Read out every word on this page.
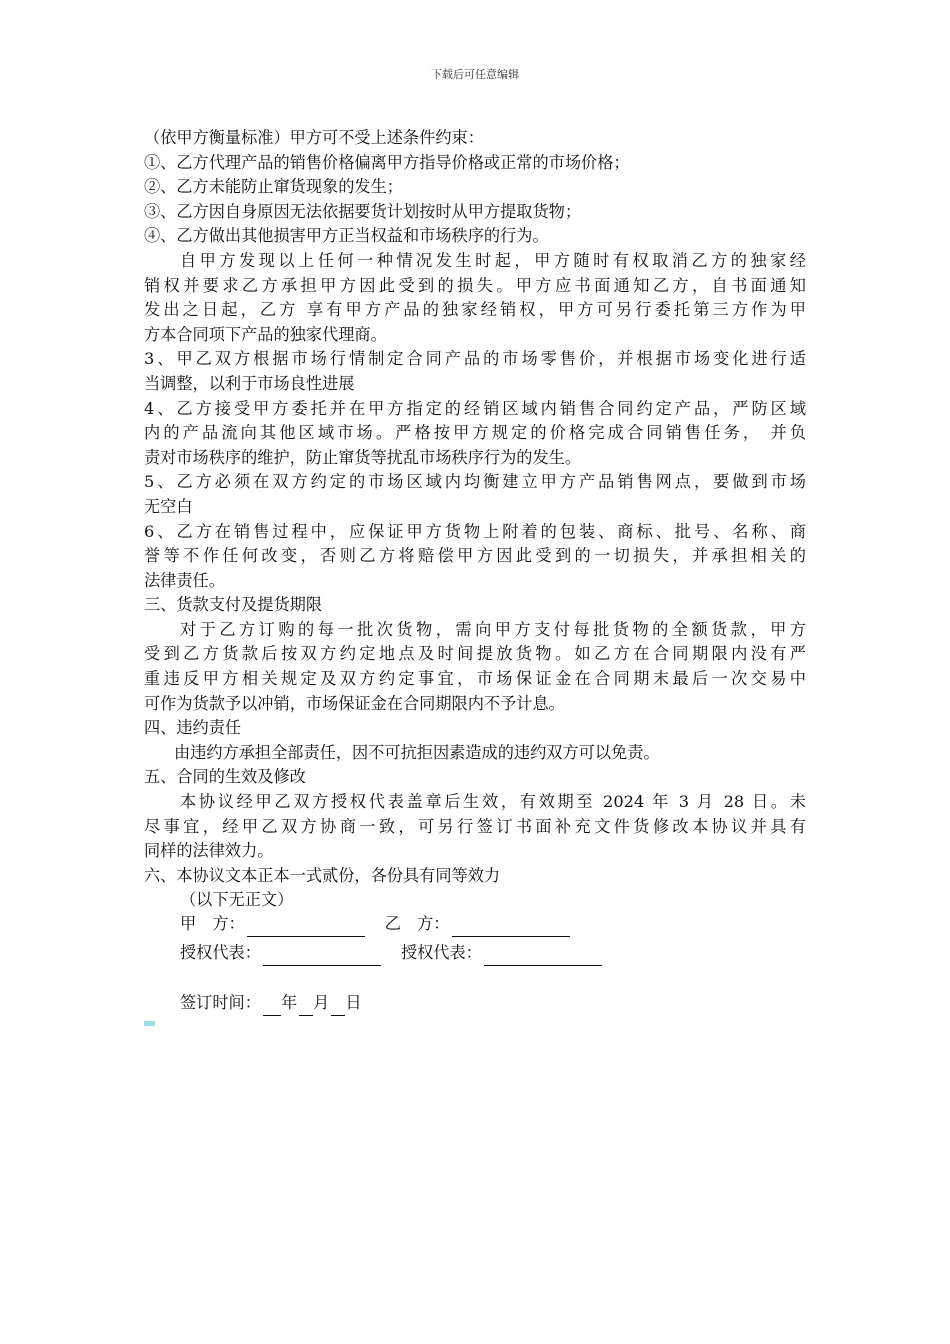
下载后可任意编辑
（依甲方衡量标准）甲方可不受上述条件约束：
①、乙方代理产品的销售价格偏离甲方指导价格或正常的市场价格；
②、乙方未能防止窜货现象的发生；
③、乙方因自身原因无法依据要货计划按时从甲方提取货物；
④、乙方做出其他损害甲方正当权益和市场秩序的行为。
自甲方发现以上任何一种情况发生时起，甲方随时有权取消乙方的独家经
销权并要求乙方承担甲方因此受到的损失。甲方应书面通知乙方，自书面通知
发出之日起，乙方 享有甲方产品的独家经销权，甲方可另行委托第三方作为甲
方本合同项下产品的独家代理商。
3、甲乙双方根据市场行情制定合同产品的市场零售价，并根据市场变化进行适
当调整，以利于市场良性进展
4、乙方接受甲方委托并在甲方指定的经销区域内销售合同约定产品，严防区域
内的产品流向其他区域市场。严格按甲方规定的价格完成合同销售任务， 并负
责对市场秩序的维护，防止窜货等扰乱市场秩序行为的发生。
5、乙方必须在双方约定的市场区域内均衡建立甲方产品销售网点，要做到市场
无空白
6、乙方在销售过程中，应保证甲方货物上附着的包装、商标、批号、名称、商
誉等不作任何改变，否则乙方将赔偿甲方因此受到的一切损失，并承担相关的
法律责任。
三、货款支付及提货期限
对于乙方订购的每一批次货物，需向甲方支付每批货物的全额货款，甲方
受到乙方货款后按双方约定地点及时间提放货物。如乙方在合同期限内没有严
重违反甲方相关规定及双方约定事宜，市场保证金在合同期末最后一次交易中
可作为货款予以冲销，市场保证金在合同期限内不予计息。
四、违约责任
由违约方承担全部责任，因不可抗拒因素造成的违约双方可以免责。
五、合同的生效及修改
本协议经甲乙双方授权代表盖章后生效，有效期至 2024 年 3 月 28 日。未
尽事宜，经甲乙双方协商一致，可另行签订书面补充文件货修改本协议并具有
同样的法律效力。
六、本协议文本正本一式贰份，各份具有同等效力
（以下无正文）
甲　方：	乙　方：
授权代表：	授权代表：
签订时间： 年 月 日
